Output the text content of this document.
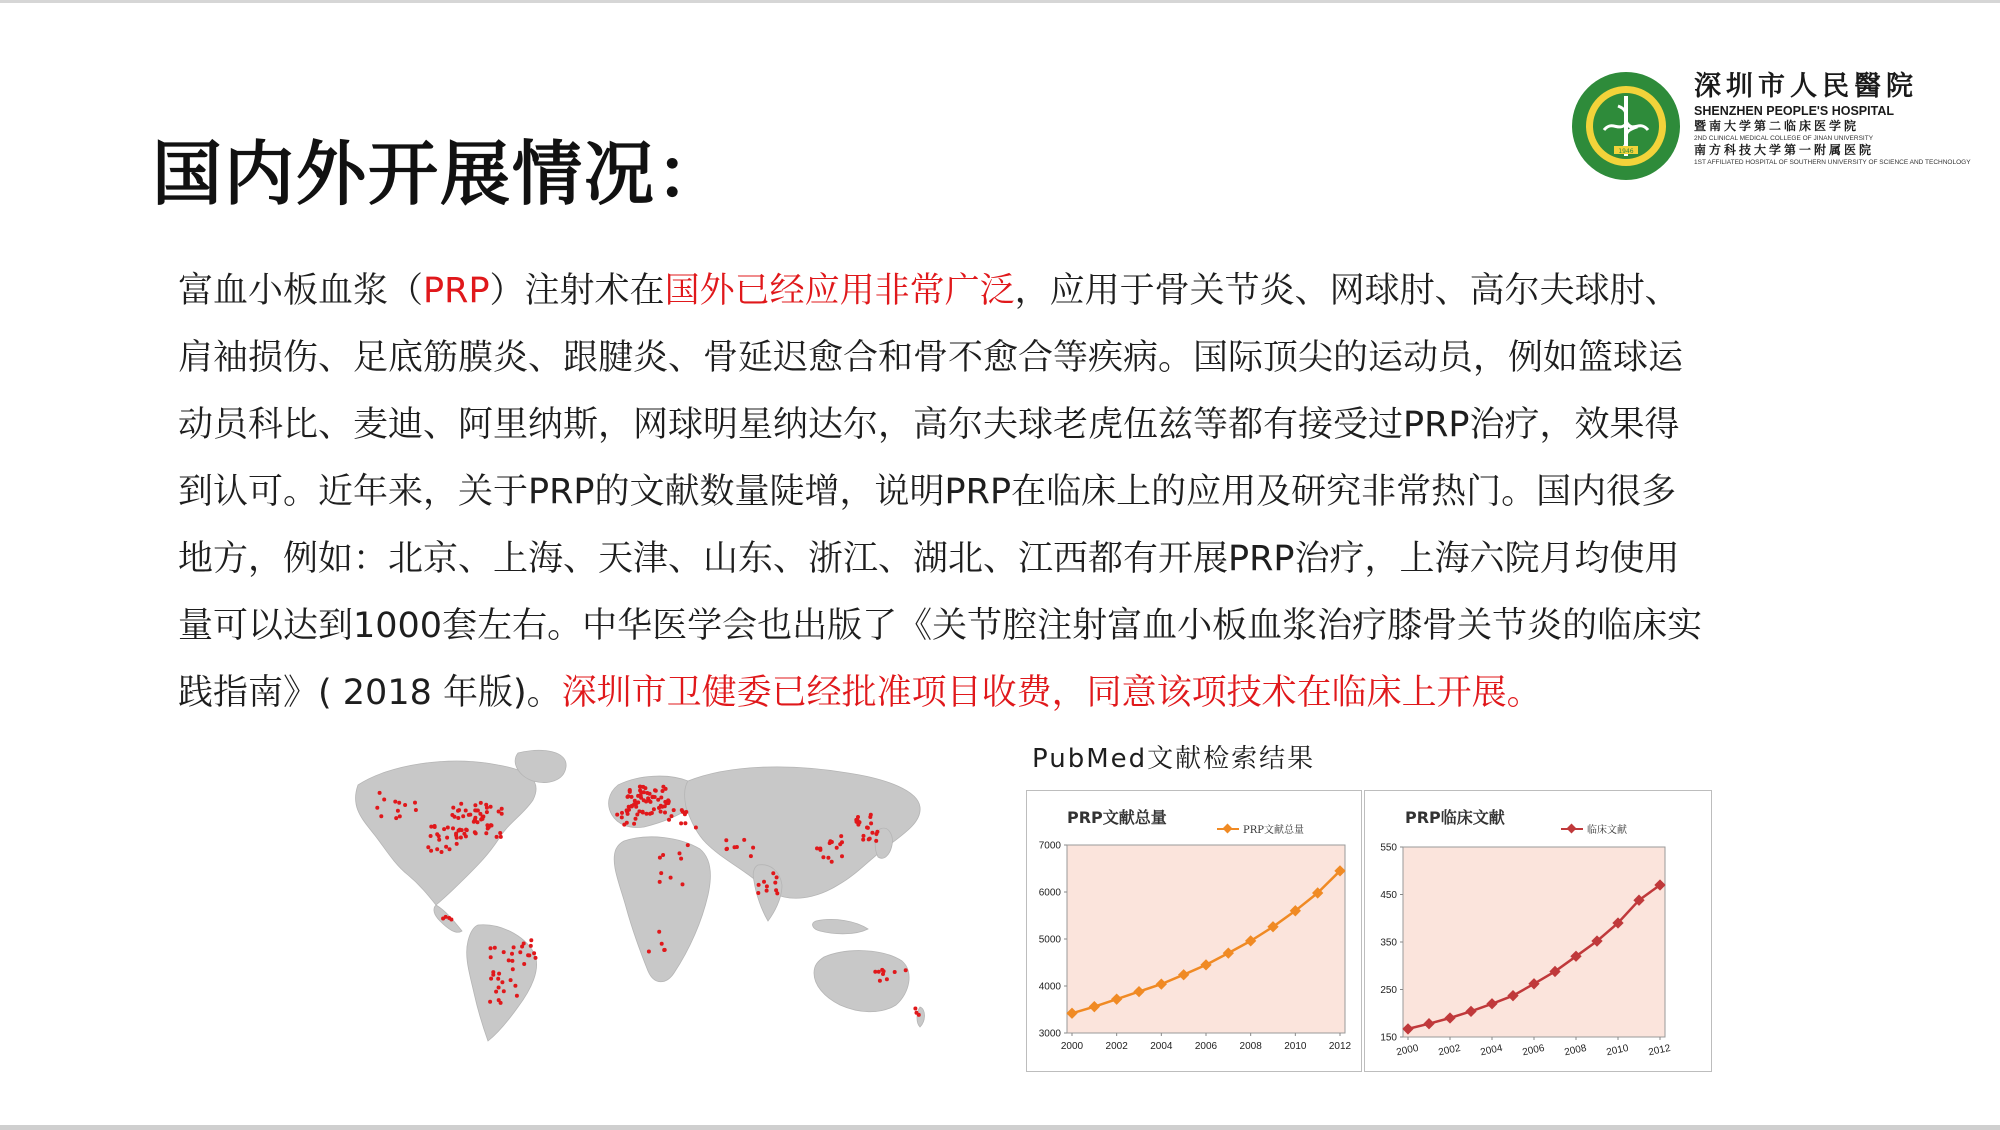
国内外开展情况：	1946
深圳市人民醫院
SHENZHEN PEOPLE'S HOSPITAL
暨南大学第二临床医学院
2ND CLINICAL MEDICAL COLLEGE OF JINAN UNIVERSITY
南方科技大学第一附属医院
1ST AFFILIATED HOSPITAL OF SOUTHERN UNIVERSITY OF SCIENCE AND TECHNOLOGY
富血小板血浆（PRP）注射术在国外已经应用非常广泛，应用于骨关节炎、网球肘、高尔夫球肘、
肩袖损伤、足底筋膜炎、跟腱炎、骨延迟愈合和骨不愈合等疾病。国际顶尖的运动员，例如篮球运
动员科比、麦迪、阿里纳斯，网球明星纳达尔，高尔夫球老虎伍兹等都有接受过PRP治疗，效果得
到认可。近年来，关于PRP的文献数量陡增，说明PRP在临床上的应用及研究非常热门。国内很多
地方，例如：北京、上海、天津、山东、浙江、湖北、江西都有开展PRP治疗，上海六院月均使用
量可以达到1000套左右。中华医学会也出版了《关节腔注射富血小板血浆治疗膝骨关节炎的临床实
践指南》( 2018 年版)。深圳市卫健委已经批准项目收费，同意该项技术在临床上开展。
PubMed文献检索结果
3000
4000
5000
6000
7000
2000 2002 2004 2006 2008 2010 2012
PRP文献总量
PRP文献总量
150
250
350
450
550
2000 2002 2004 2006 2008 2010 2012
PRP临床文献
临床文献
